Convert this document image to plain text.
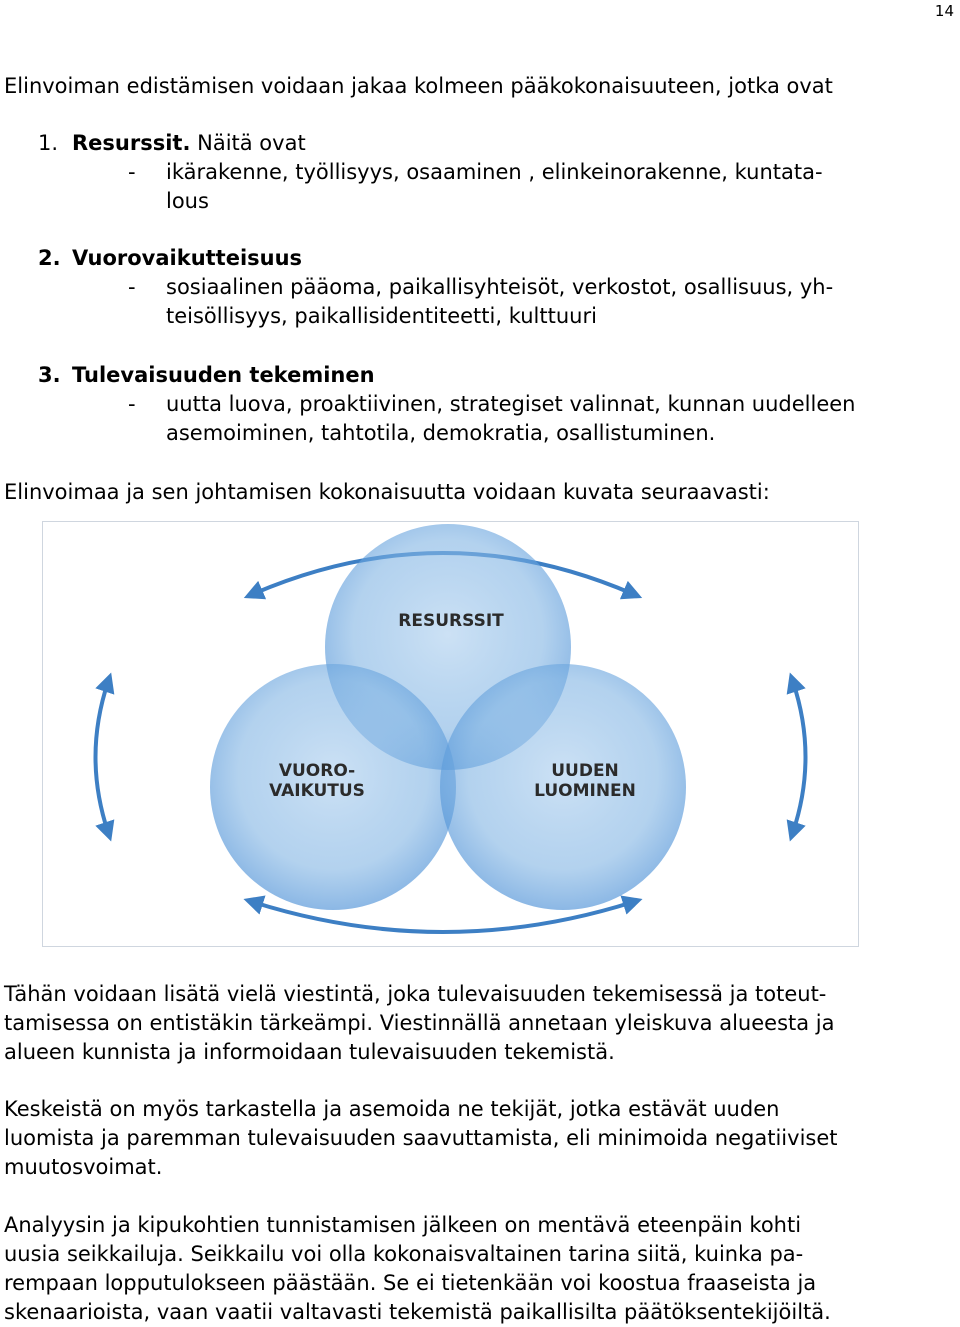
14
Elinvoiman edistämisen voidaan jakaa kolmeen pääkokonaisuuteen, jotka ovat
1. Resurssit. Näitä ovat
- ikärakenne, työllisyys, osaaminen , elinkeinorakenne, kuntata-
lous
2. Vuorovaikutteisuus
- sosiaalinen pääoma, paikallisyhteisöt, verkostot, osallisuus, yh-
teisöllisyys, paikallisidentiteetti, kulttuuri
3. Tulevaisuuden tekeminen
- uutta luova, proaktiivinen, strategiset valinnat, kunnan uudelleen
asemoiminen, tahtotila, demokratia, osallistuminen.
Elinvoimaa ja sen johtamisen kokonaisuutta voidaan kuvata seuraavasti:
RESURSSIT
VUORO-
VAIKUTUS
UUDEN
LUOMINEN
Tähän voidaan lisätä vielä viestintä, joka tulevaisuuden tekemisessä ja toteut-
tamisessa on entistäkin tärkeämpi. Viestinnällä annetaan yleiskuva alueesta ja
alueen kunnista ja informoidaan tulevaisuuden tekemistä.
Keskeistä on myös tarkastella ja asemoida ne tekijät, jotka estävät uuden
luomista ja paremman tulevaisuuden saavuttamista, eli minimoida negatiiviset
muutosvoimat.
Analyysin ja kipukohtien tunnistamisen jälkeen on mentävä eteenpäin kohti
uusia seikkailuja. Seikkailu voi olla kokonaisvaltainen tarina siitä, kuinka pa-
rempaan lopputulokseen päästään. Se ei tietenkään voi koostua fraaseista ja
skenaarioista, vaan vaatii valtavasti tekemistä paikallisilta päätöksentekijöiltä.
